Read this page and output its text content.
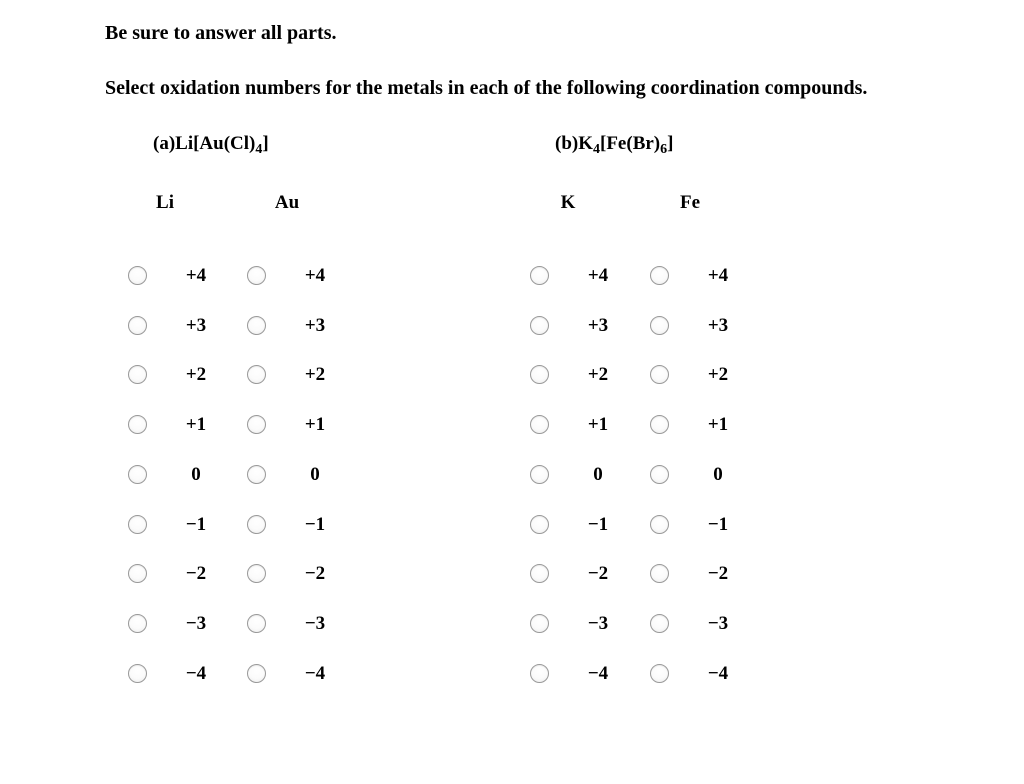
Be sure to answer all parts.
Select oxidation numbers for the metals in each of the following coordination compounds.
$(a)Li[Au(Cl)_4]$	$(b)K_4[Fe(Br)_6]$
Li	Au	K	Fe
+4	+4	+4	+4
+3	+3	+3	+3
+2	+2	+2	+2
+1	+1	+1	+1
0	0	0	0
−1	−1	−1	−1
−2	−2	−2	−2
−3	−3	−3	−3
−4	−4	−4	−4
